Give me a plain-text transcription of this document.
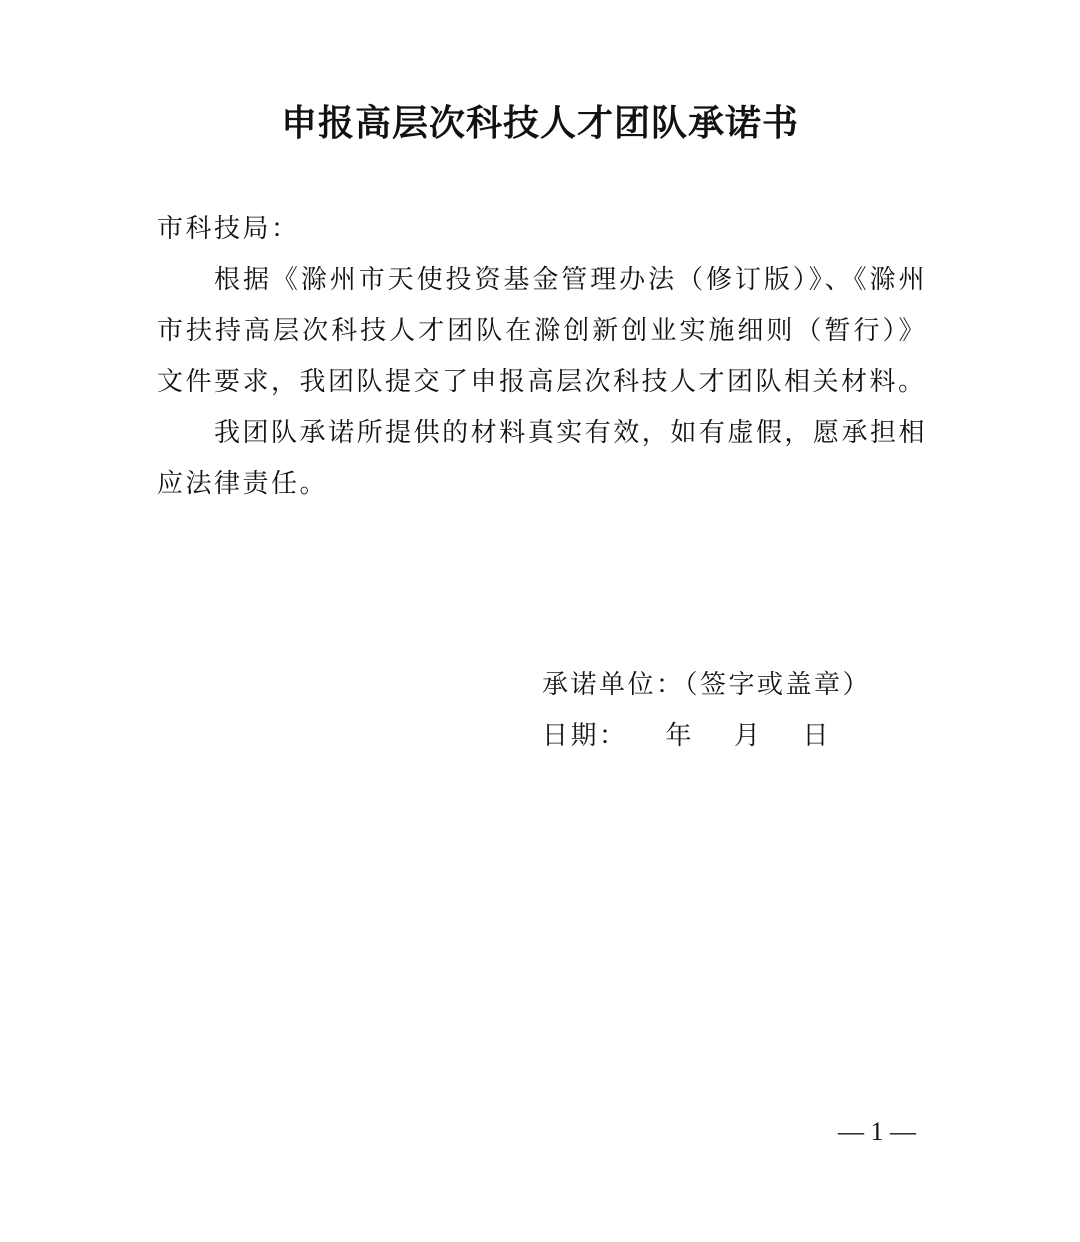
申报高层次科技人才团队承诺书

市科技局：

根据《滁州市天使投资基金管理办法（修订版）》、《滁州市扶持高层次科技人才团队在滁创新创业实施细则（暂行）》文件要求，我团队提交了申报高层次科技人才团队相关材料。

我团队承诺所提供的材料真实有效，如有虚假，愿承担相应法律责任。

承诺单位：（签字或盖章）
日期： 年 月 日
— 1 —
